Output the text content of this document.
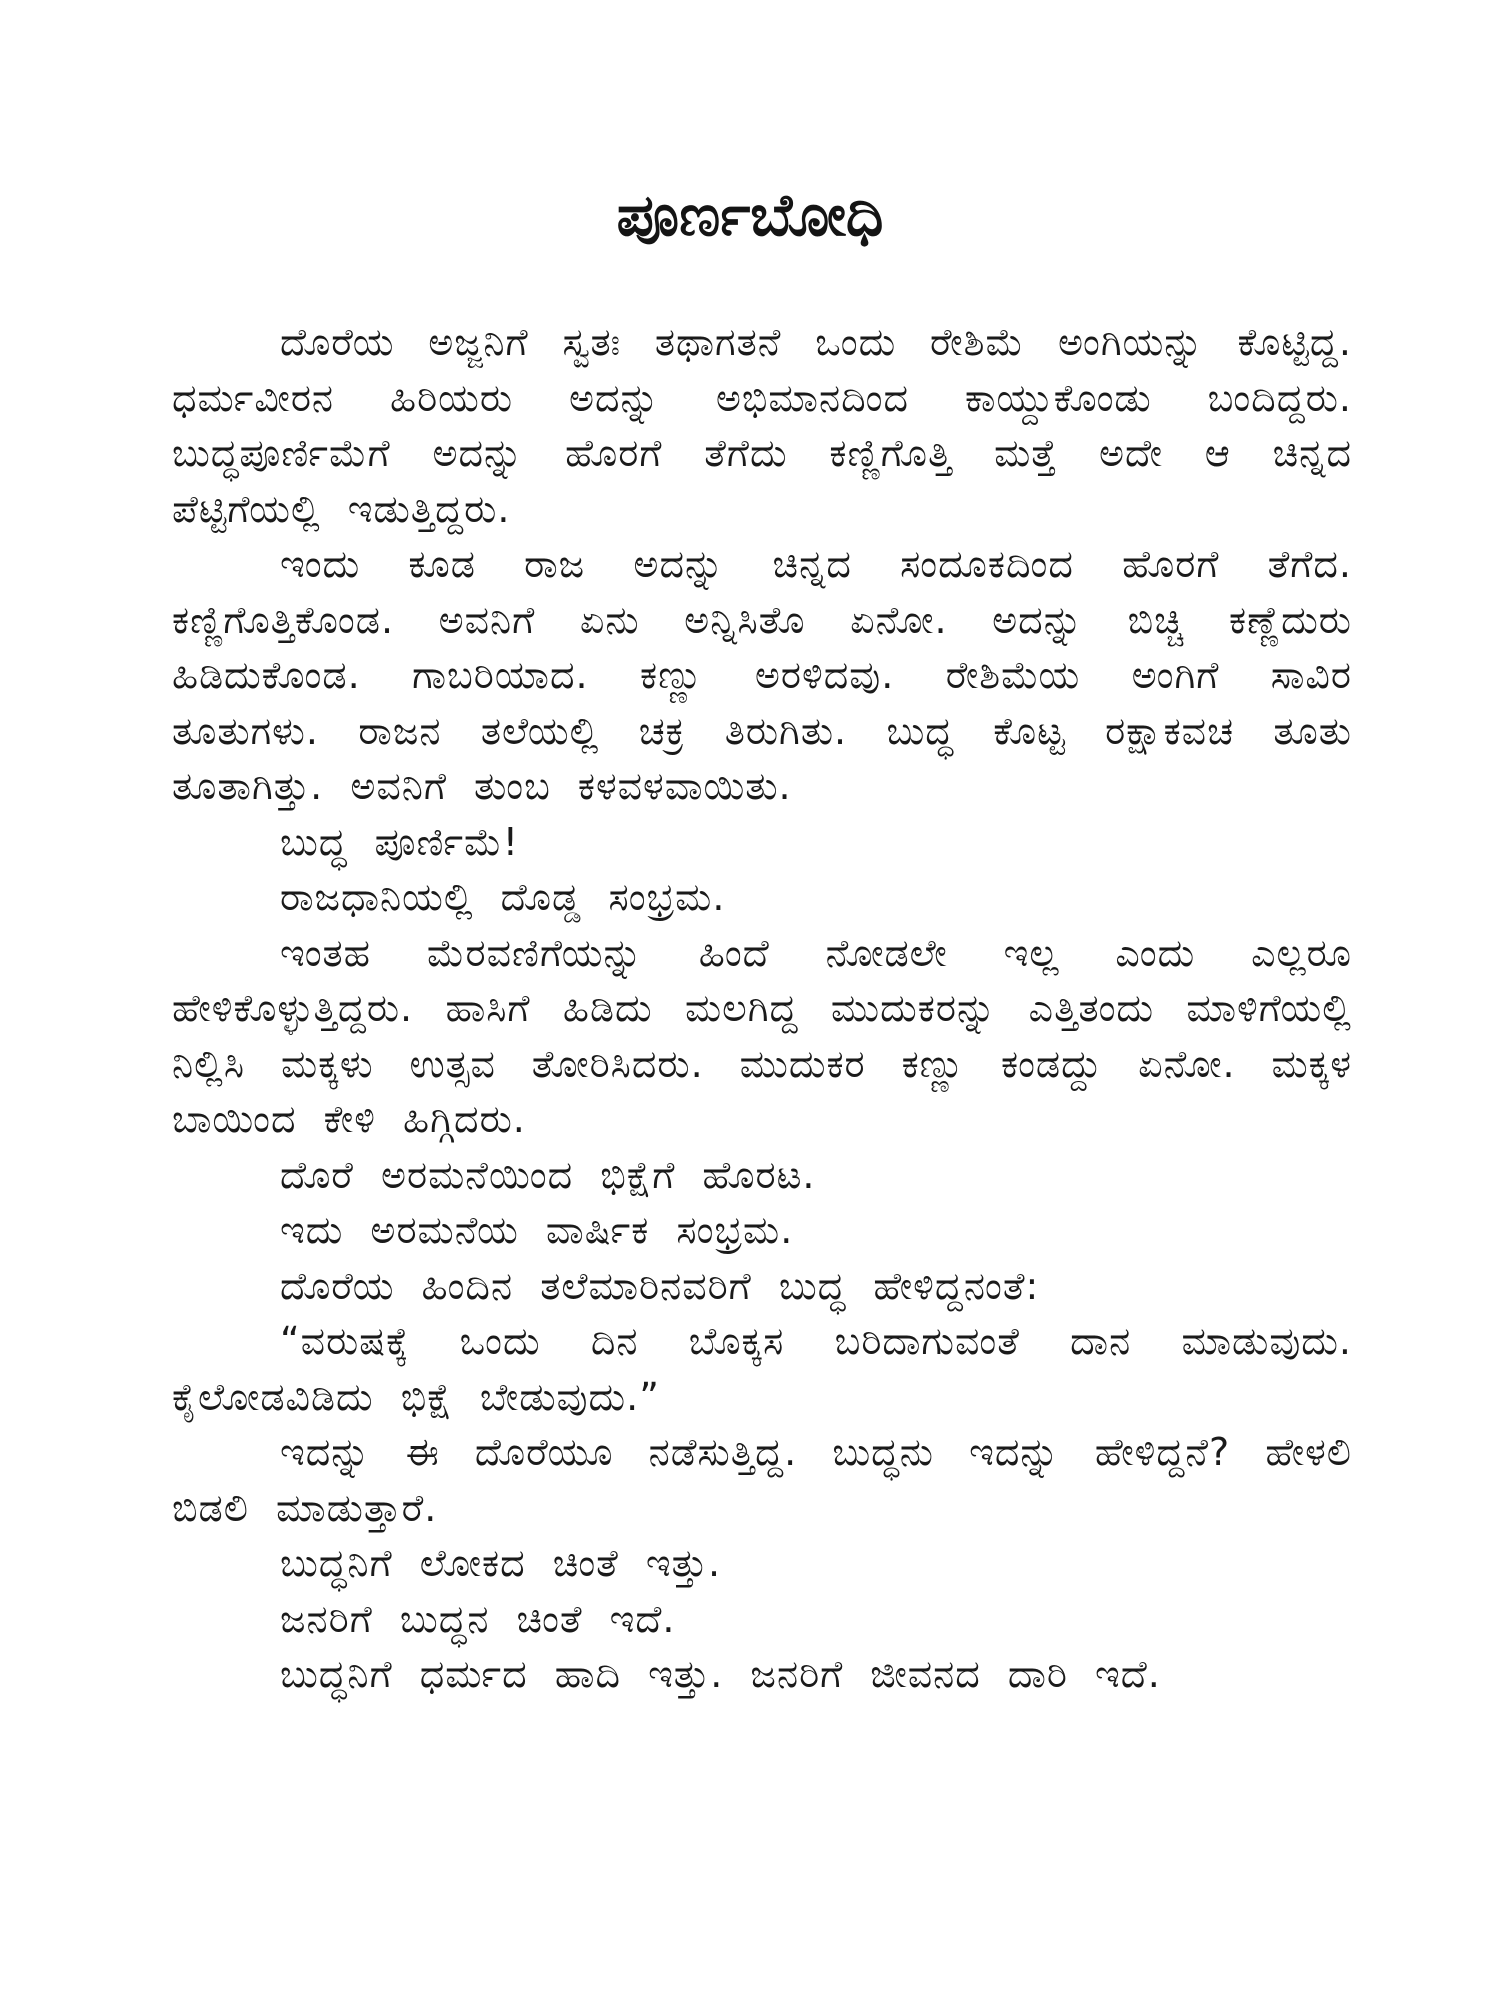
ಪೂರ್ಣಬೋಧಿ

ದೊರೆಯ ಅಜ್ಜನಿಗೆ ಸ್ವತಃ ತಥಾಗತನೆ ಒಂದು ರೇಶಿಮೆ ಅಂಗಿಯನ್ನು ಕೊಟ್ಟಿದ್ದ. ಧರ್ಮವೀರನ ಹಿರಿಯರು ಅದನ್ನು ಅಭಿಮಾನದಿಂದ ಕಾಯ್ದುಕೊಂಡು ಬಂದಿದ್ದರು. ಬುದ್ಧಪೂರ್ಣಿಮೆಗೆ ಅದನ್ನು ಹೊರಗೆ ತೆಗೆದು ಕಣ್ಣಿಗೊತ್ತಿ ಮತ್ತೆ ಅದೇ ಆ ಚಿನ್ನದ ಪೆಟ್ಟಿಗೆಯಲ್ಲಿ ಇಡುತ್ತಿದ್ದರು.

ಇಂದು ಕೂಡ ರಾಜ ಅದನ್ನು ಚಿನ್ನದ ಸಂದೂಕದಿಂದ ಹೊರಗೆ ತೆಗೆದ. ಕಣ್ಣಿಗೊತ್ತಿಕೊಂಡ. ಅವನಿಗೆ ಏನು ಅನ್ನಿಸಿತೊ ಏನೋ. ಅದನ್ನು ಬಿಚ್ಚಿ ಕಣ್ಣೆದುರು ಹಿಡಿದುಕೊಂಡ. ಗಾಬರಿಯಾದ. ಕಣ್ಣು ಅರಳಿದವು. ರೇಶಿಮೆಯ ಅಂಗಿಗೆ ಸಾವಿರ ತೂತುಗಳು. ರಾಜನ ತಲೆಯಲ್ಲಿ ಚಕ್ರ ತಿರುಗಿತು. ಬುದ್ಧ ಕೊಟ್ಟ ರಕ್ಷಾಕವಚ ತೂತು ತೂತಾಗಿತ್ತು. ಅವನಿಗೆ ತುಂಬ ಕಳವಳವಾಯಿತು.

ಬುದ್ಧ ಪೂರ್ಣಿಮೆ!

ರಾಜಧಾನಿಯಲ್ಲಿ ದೊಡ್ಡ ಸಂಭ್ರಮ.

ಇಂತಹ ಮೆರವಣಿಗೆಯನ್ನು ಹಿಂದೆ ನೋಡಲೇ ಇಲ್ಲ ಎಂದು ಎಲ್ಲರೂ ಹೇಳಿಕೊಳ್ಳುತ್ತಿದ್ದರು. ಹಾಸಿಗೆ ಹಿಡಿದು ಮಲಗಿದ್ದ ಮುದುಕರನ್ನು ಎತ್ತಿತಂದು ಮಾಳಿಗೆಯಲ್ಲಿ ನಿಲ್ಲಿಸಿ ಮಕ್ಕಳು ಉತ್ಸವ ತೋರಿಸಿದರು. ಮುದುಕರ ಕಣ್ಣು ಕಂಡದ್ದು ಏನೋ. ಮಕ್ಕಳ ಬಾಯಿಂದ ಕೇಳಿ ಹಿಗ್ಗಿದರು.

ದೊರೆ ಅರಮನೆಯಿಂದ ಭಿಕ್ಷೆಗೆ ಹೊರಟ.

ಇದು ಅರಮನೆಯ ವಾರ್ಷಿಕ ಸಂಭ್ರಮ.

ದೊರೆಯ ಹಿಂದಿನ ತಲೆಮಾರಿನವರಿಗೆ ಬುದ್ಧ ಹೇಳಿದ್ದನಂತೆ:

“ವರುಷಕ್ಕೆ ಒಂದು ದಿನ ಬೊಕ್ಕಸ ಬರಿದಾಗುವಂತೆ ದಾನ ಮಾಡುವುದು. ಕೈಲೋಡವಿಡಿದು ಭಿಕ್ಷೆ ಬೇಡುವುದು.”

ಇದನ್ನು ಈ ದೊರೆಯೂ ನಡೆಸುತ್ತಿದ್ದ. ಬುದ್ಧನು ಇದನ್ನು ಹೇಳಿದ್ದನೆ? ಹೇಳಲಿ ಬಿಡಲಿ ಮಾಡುತ್ತಾರೆ.

ಬುದ್ಧನಿಗೆ ಲೋಕದ ಚಿಂತೆ ಇತ್ತು.

ಜನರಿಗೆ ಬುದ್ಧನ ಚಿಂತೆ ಇದೆ.

ಬುದ್ಧನಿಗೆ ಧರ್ಮದ ಹಾದಿ ಇತ್ತು. ಜನರಿಗೆ ಜೀವನದ ದಾರಿ ಇದೆ.
